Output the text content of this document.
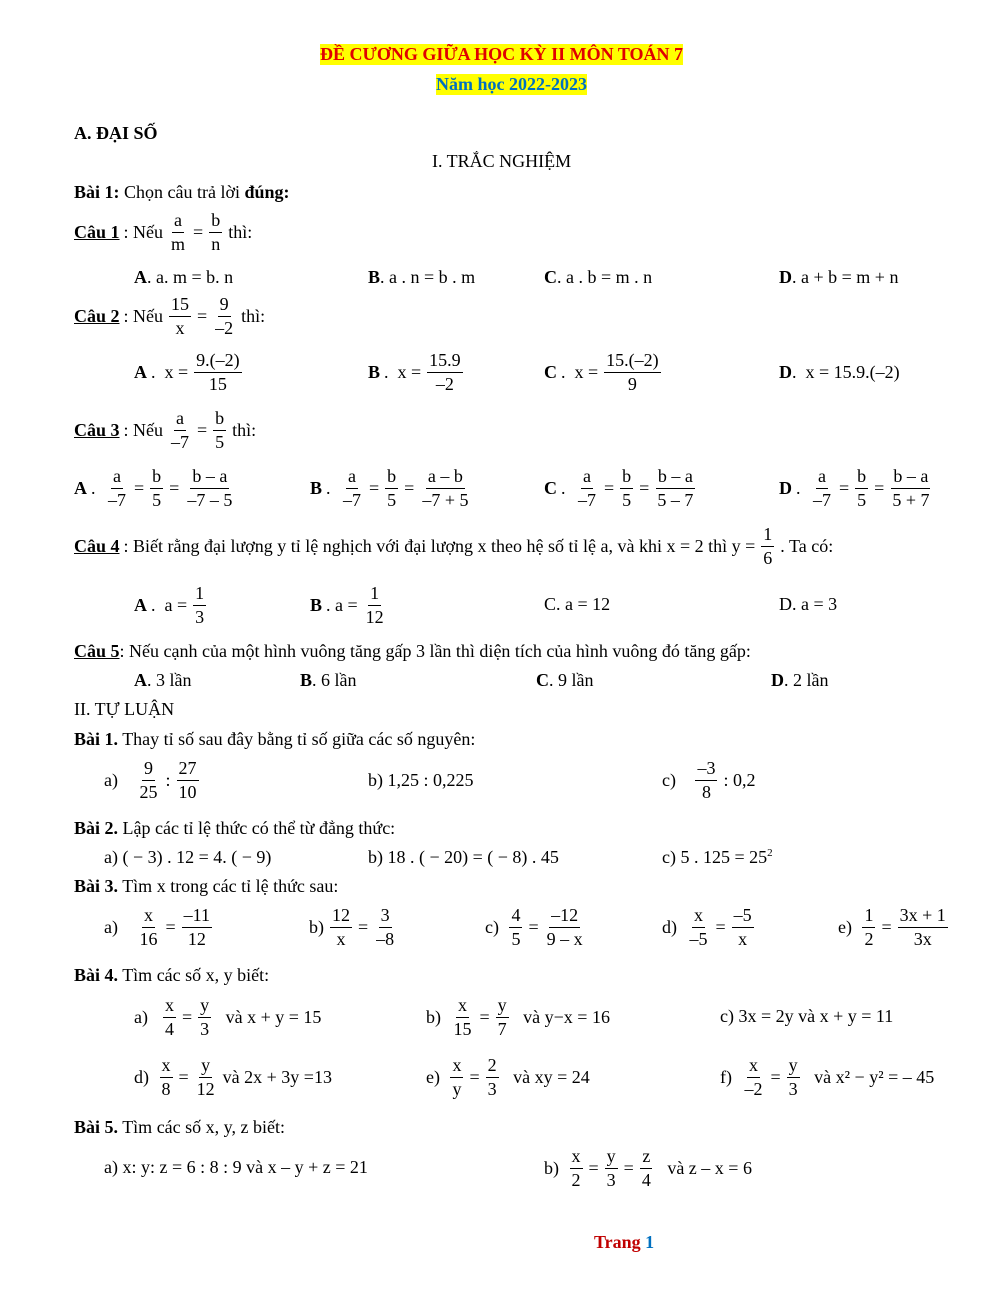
ĐỀ CƯƠNG GIỮA HỌC KỲ II MÔN TOÁN 7
Năm học 2022-2023
A. ĐẠI SỐ
I. TRẮC NGHIỆM
Bài 1: Chọn câu trả lời đúng:
Câu 1 : Nếu $\frac{a}{m} = \frac{b}{n}$ thì:
A. a. m = b. n	B. a . n = b . m	C. a . b = m . n	D. a + b = m + n
Câu 2 : Nếu $\frac{15}{x} = \frac{9}{-2}$ thì:
A .  $x = \frac{9.(-2)}{15}$	B .  $x = \frac{15.9}{-2}$	C .  $x = \frac{15.(-2)}{9}$	D.  x = 15.9.(–2)
Câu 3 : Nếu $\frac{a}{-7} = \frac{b}{5}$ thì:
A . $\frac{a}{-7} = \frac{b}{5} = \frac{b - a}{-7 - 5}$	B . $\frac{a}{-7} = \frac{b}{5} = \frac{a - b}{-7 + 5}$	C . $\frac{a}{-7} = \frac{b}{5} = \frac{b - a}{5 - 7}$	D . $\frac{a}{-7} = \frac{b}{5} = \frac{b - a}{5 + 7}$
Câu 4 : Biết rằng đại lượng y tỉ lệ nghịch với đại lượng x theo hệ số tỉ lệ a, và khi x = 2 thì $y = \frac{1}{6}$ . Ta có:
A .  $a = \frac{1}{3}$	B . $a = \frac{1}{12}$	C. a = 12	D. a = 3
Câu 5: Nếu cạnh của một hình vuông tăng gấp 3 lần thì diện tích của hình vuông đó tăng gấp:
A. 3 lần	B. 6 lần	C. 9 lần	D. 2 lần
II. TỰ LUẬN
Bài 1. Thay tỉ số sau đây bằng tỉ số giữa các số nguyên:
$a) \frac{9}{25}$ : $\frac{27}{10}$	b) 1,25 : 0,225	$c) \frac{-3}{8}$ : 0,2
Bài 2. Lập các tỉ lệ thức có thể từ đẳng thức:
a) ( − 3) . 12 = 4. ( − 9)	b) 18 . ( − 20) = ( − 8) . 45	c) 5 . $125 = 25^2$
Bài 3. Tìm x trong các tỉ lệ thức sau:
$a) \frac{x}{16} = \frac{-11}{12}$	$b) \frac{12}{x} = \frac{3}{-8}$	$c) \frac{4}{5} = \frac{-12}{9 - x}$	$d) \frac{x}{-5} = \frac{-5}{x}$	$e) \frac{1}{2} = \frac{3x + 1}{3x}$
Bài 4. Tìm các số x, y biết:
$a) \frac{x}{4} = \frac{y}{3}$
và x + y = 15	$b) \frac{x}{15} = \frac{y}{7}$
và y−x = 16	c) 3x = 2y và x + y = 11
$d) \frac{x}{8} = \frac{y}{12}$ và 2x + 3y =13	$e) \frac{x}{y} = \frac{2}{3}$
và xy = 24	$f) \frac{x}{-2} = \frac{y}{3}$
và x² − y² = – 45
Bài 5. Tìm các số x, y, z biết:
a) x: y: z = 6 : 8 : 9 và x – y + z = 21	$b) \frac{x}{2} = \frac{y}{3} = \frac{z}{4}$
và z – x = 6
Trang 1
